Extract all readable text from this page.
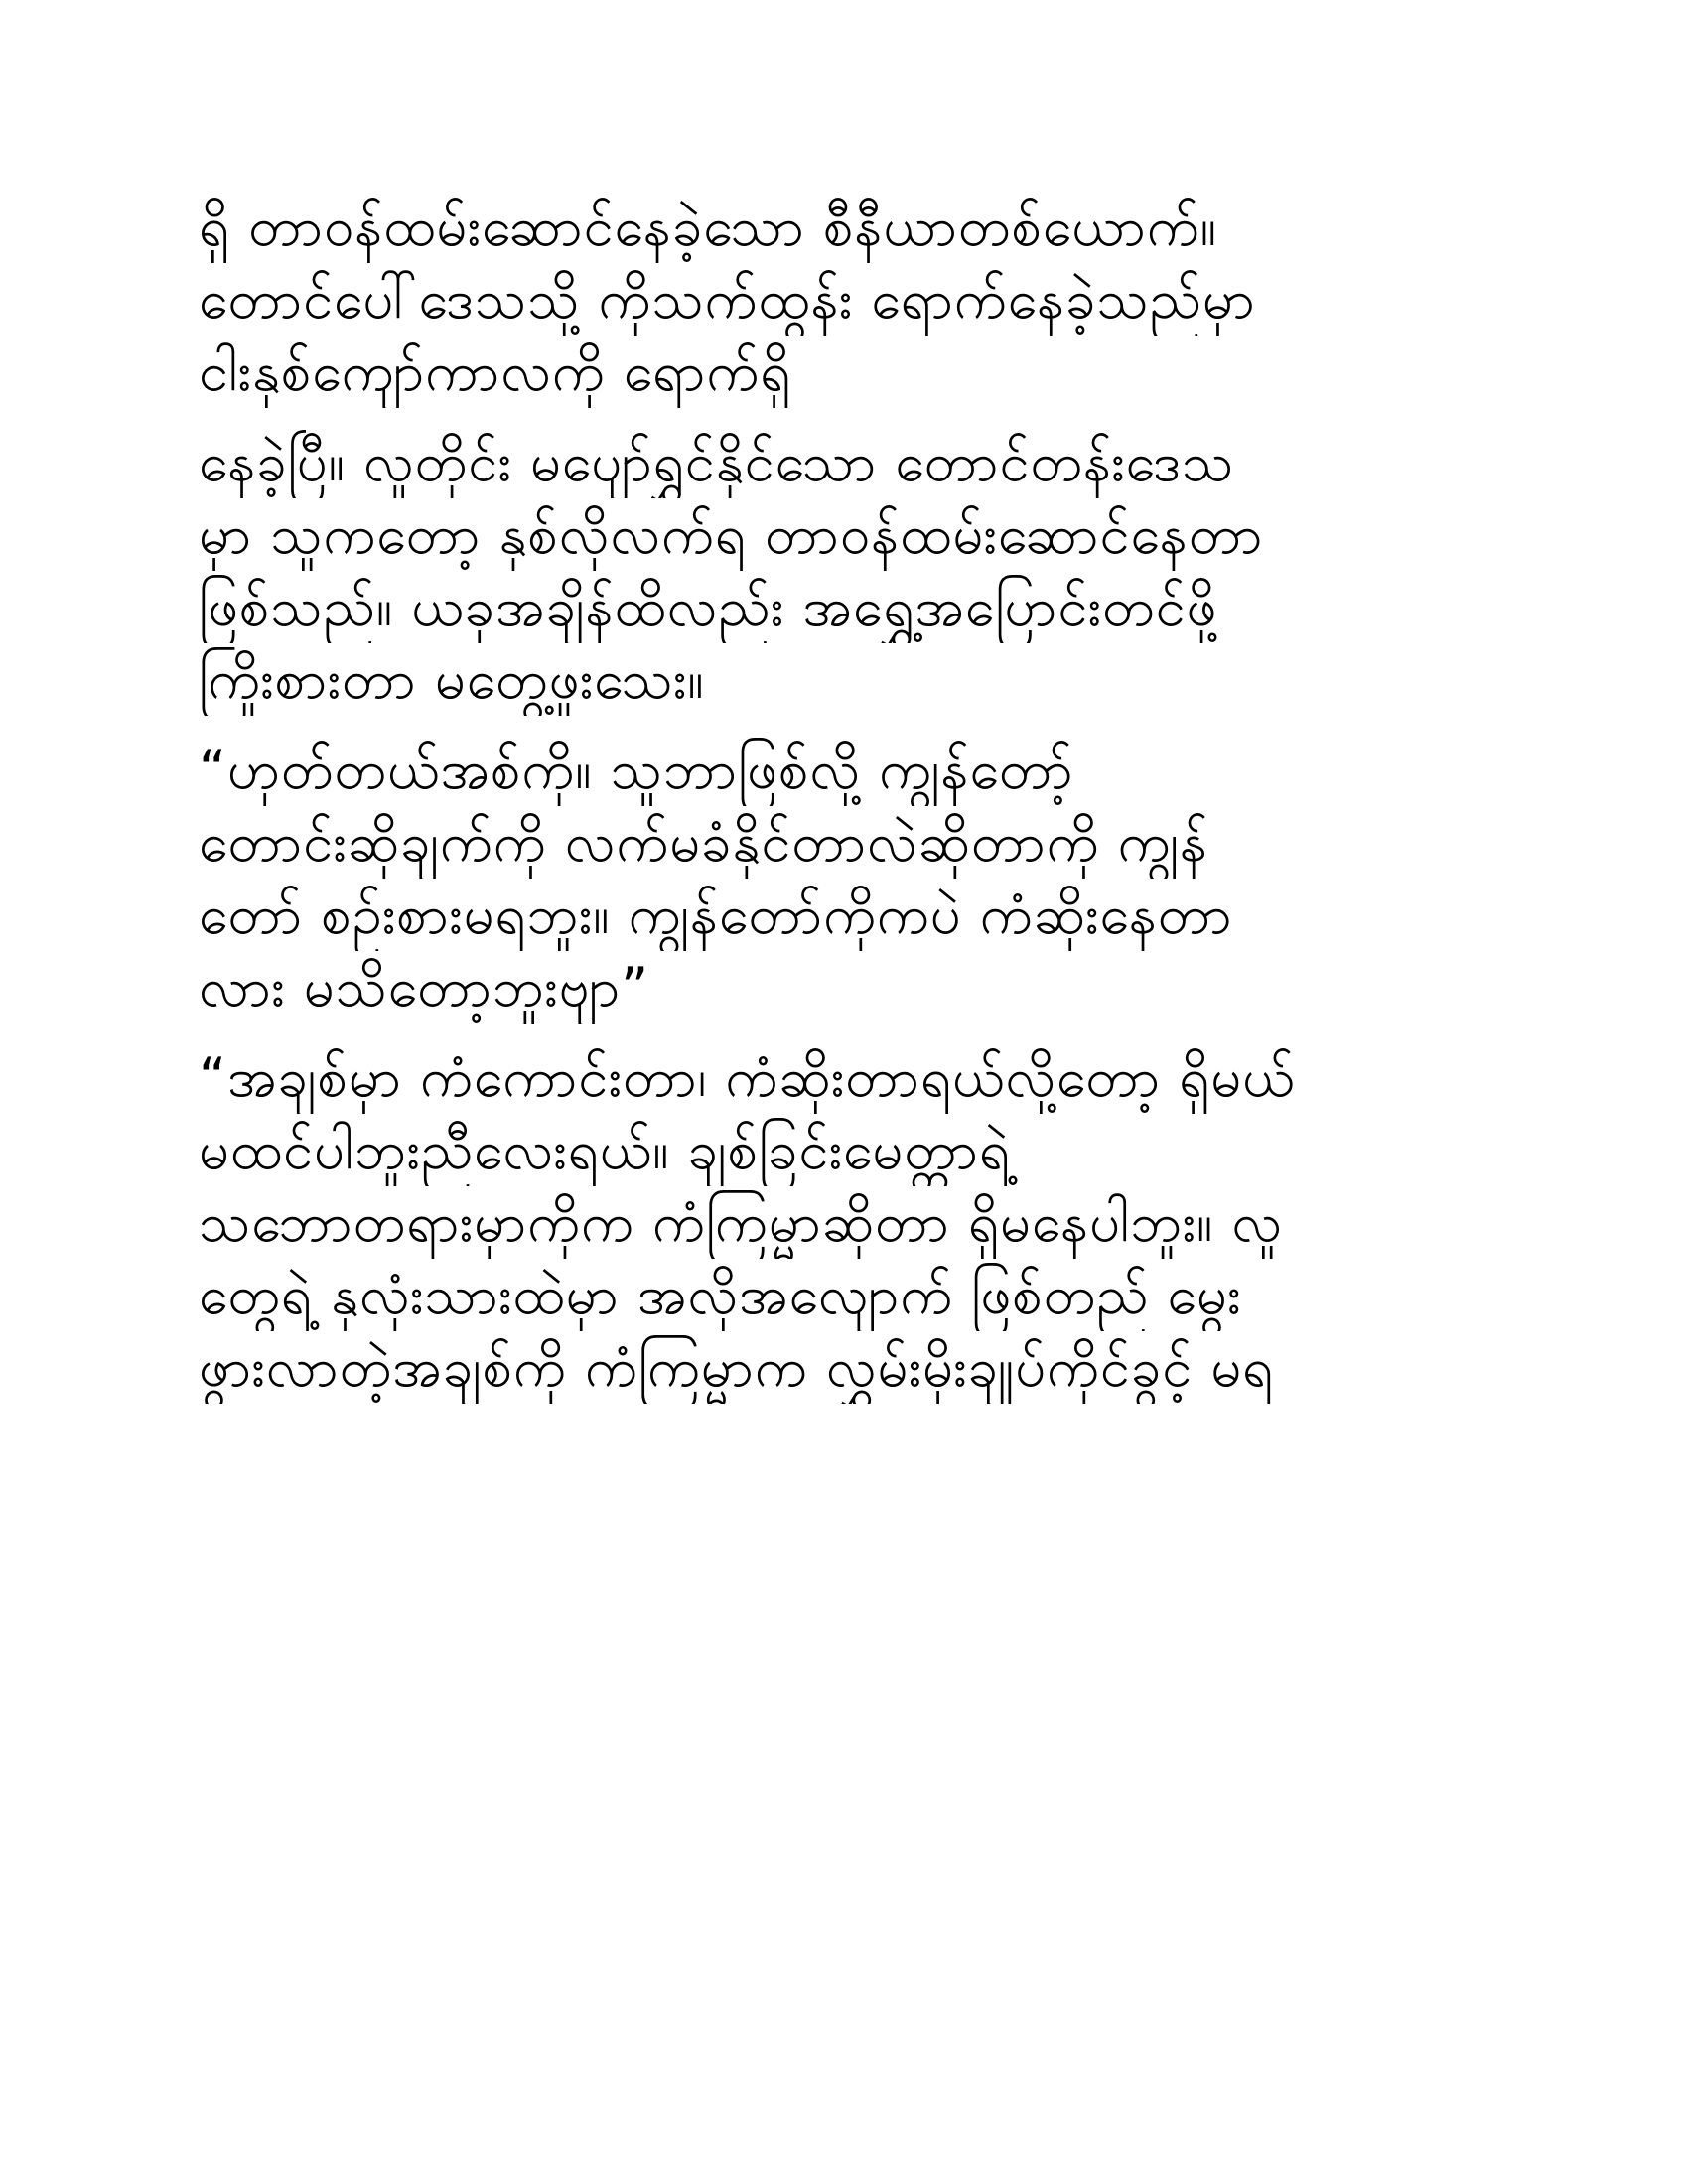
ရှိ တာဝန်ထမ်းဆောင်နေခဲ့သော စီနီယာတစ်ယောက်။
တောင်ပေါ်ဒေသသို့ ကိုသက်ထွန်း ရောက်နေခဲ့သည်မှာ
ငါးနှစ်ကျော်ကာလကို ရောက်ရှိ
နေခဲ့ပြီ။ လူတိုင်း မပျော်ရွှင်နိုင်သော တောင်တန်းဒေသ
မှာ သူကတော့ နှစ်လိုလက်ရ တာဝန်ထမ်းဆောင်နေတာ
ဖြစ်သည်။ ယခုအချိန်ထိလည်း အရွှေ့အပြောင်းတင်ဖို့
ကြိုးစားတာ မတွေ့ဖူးသေး။
“ဟုတ်တယ်အစ်ကို။ သူဘာဖြစ်လို့ ကျွန်တော့်
တောင်းဆိုချက်ကို လက်မခံနိုင်တာလဲဆိုတာကို ကျွန်
တော် စဉ်းစားမရဘူး။ ကျွန်တော်ကိုကပဲ ကံဆိုးနေတာ
လား မသိတော့ဘူးဗျာ”
“အချစ်မှာ ကံကောင်းတာ၊ ကံဆိုးတာရယ်လို့တော့ ရှိမယ်
မထင်ပါဘူးညီလေးရယ်။ ချစ်ခြင်းမေတ္တာရဲ့
သဘောတရားမှာကိုက ကံကြမ္မာဆိုတာ ရှိမနေပါဘူး။ လူ
တွေရဲ့ နှလုံးသားထဲမှာ အလိုအလျောက် ဖြစ်တည် မွေး
ဖွားလာတဲ့အချစ်ကို ကံကြမ္မာက လွှမ်းမိုးချုပ်ကိုင်ခွင့် မရ
